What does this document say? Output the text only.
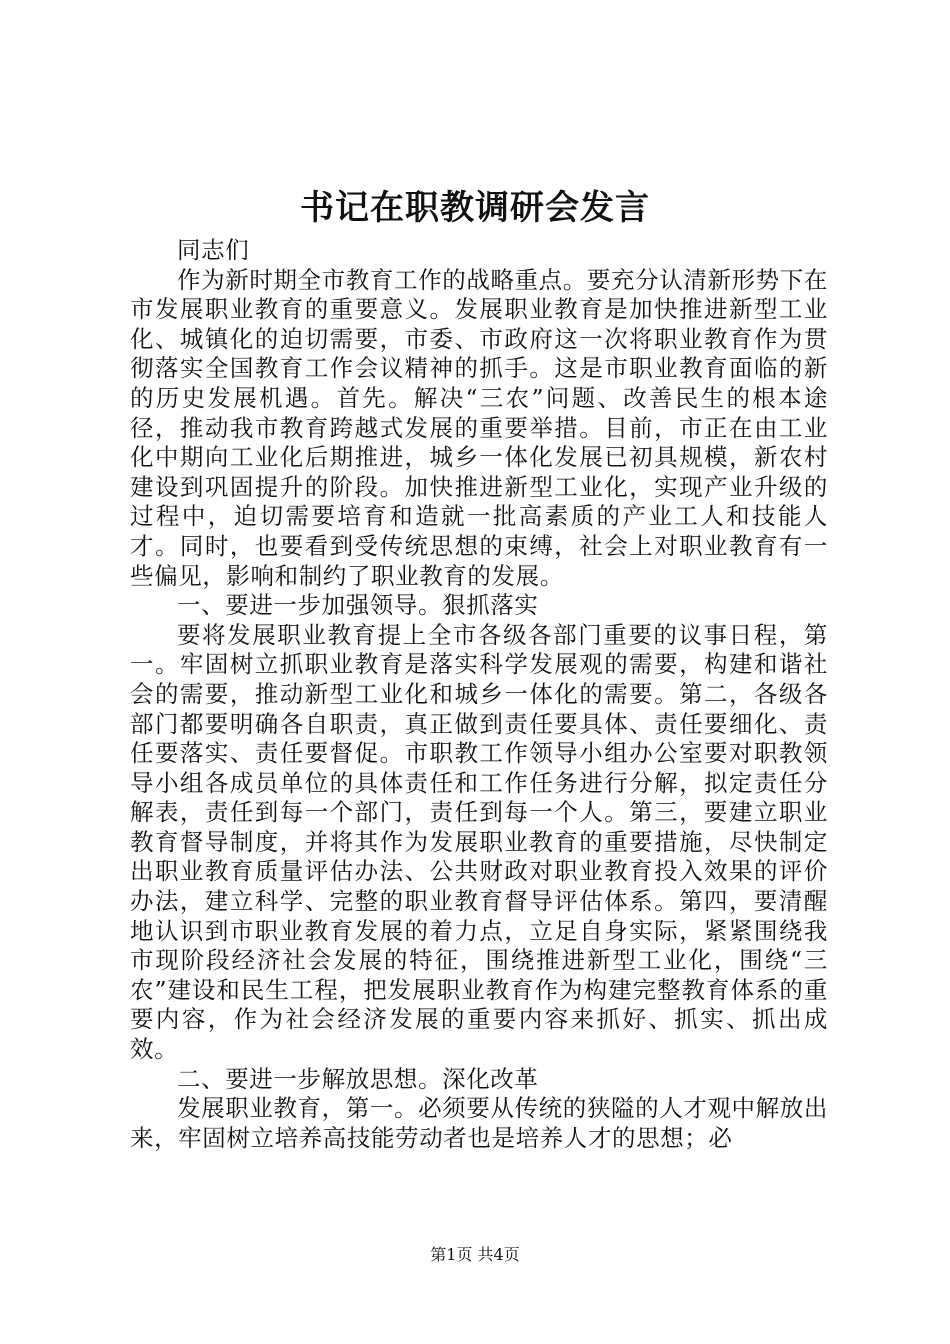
书记在职教调研会发言

同志们

作为新时期全市教育工作的战略重点。要充分认清新形势下在市发展职业教育的重要意义。发展职业教育是加快推进新型工业化、城镇化的迫切需要，市委、市政府这一次将职业教育作为贯彻落实全国教育工作会议精神的抓手。这是市职业教育面临的新的历史发展机遇。首先。解决“三农”问题、改善民生的根本途径，推动我市教育跨越式发展的重要举措。目前，市正在由工业化中期向工业化后期推进，城乡一体化发展已初具规模，新农村建设到巩固提升的阶段。加快推进新型工业化，实现产业升级的过程中，迫切需要培育和造就一批高素质的产业工人和技能人才。同时，也要看到受传统思想的束缚，社会上对职业教育有一些偏见，影响和制约了职业教育的发展。

一、要进一步加强领导。狠抓落实

要将发展职业教育提上全市各级各部门重要的议事日程，第一。牢固树立抓职业教育是落实科学发展观的需要，构建和谐社会的需要，推动新型工业化和城乡一体化的需要。第二，各级各部门都要明确各自职责，真正做到责任要具体、责任要细化、责任要落实、责任要督促。市职教工作领导小组办公室要对职教领导小组各成员单位的具体责任和工作任务进行分解，拟定责任分解表，责任到每一个部门，责任到每一个人。第三，要建立职业教育督导制度，并将其作为发展职业教育的重要措施，尽快制定出职业教育质量评估办法、公共财政对职业教育投入效果的评价办法，建立科学、完整的职业教育督导评估体系。第四，要清醒地认识到市职业教育发展的着力点，立足自身实际，紧紧围绕我市现阶段经济社会发展的特征，围绕推进新型工业化，围绕“三农”建设和民生工程，把发展职业教育作为构建完整教育体系的重要内容，作为社会经济发展的重要内容来抓好、抓实、抓出成效。

二、要进一步解放思想。深化改革

发展职业教育，第一。必须要从传统的狭隘的人才观中解放出来，牢固树立培养高技能劳动者也是培养人才的思想；必

第1页 共4页
